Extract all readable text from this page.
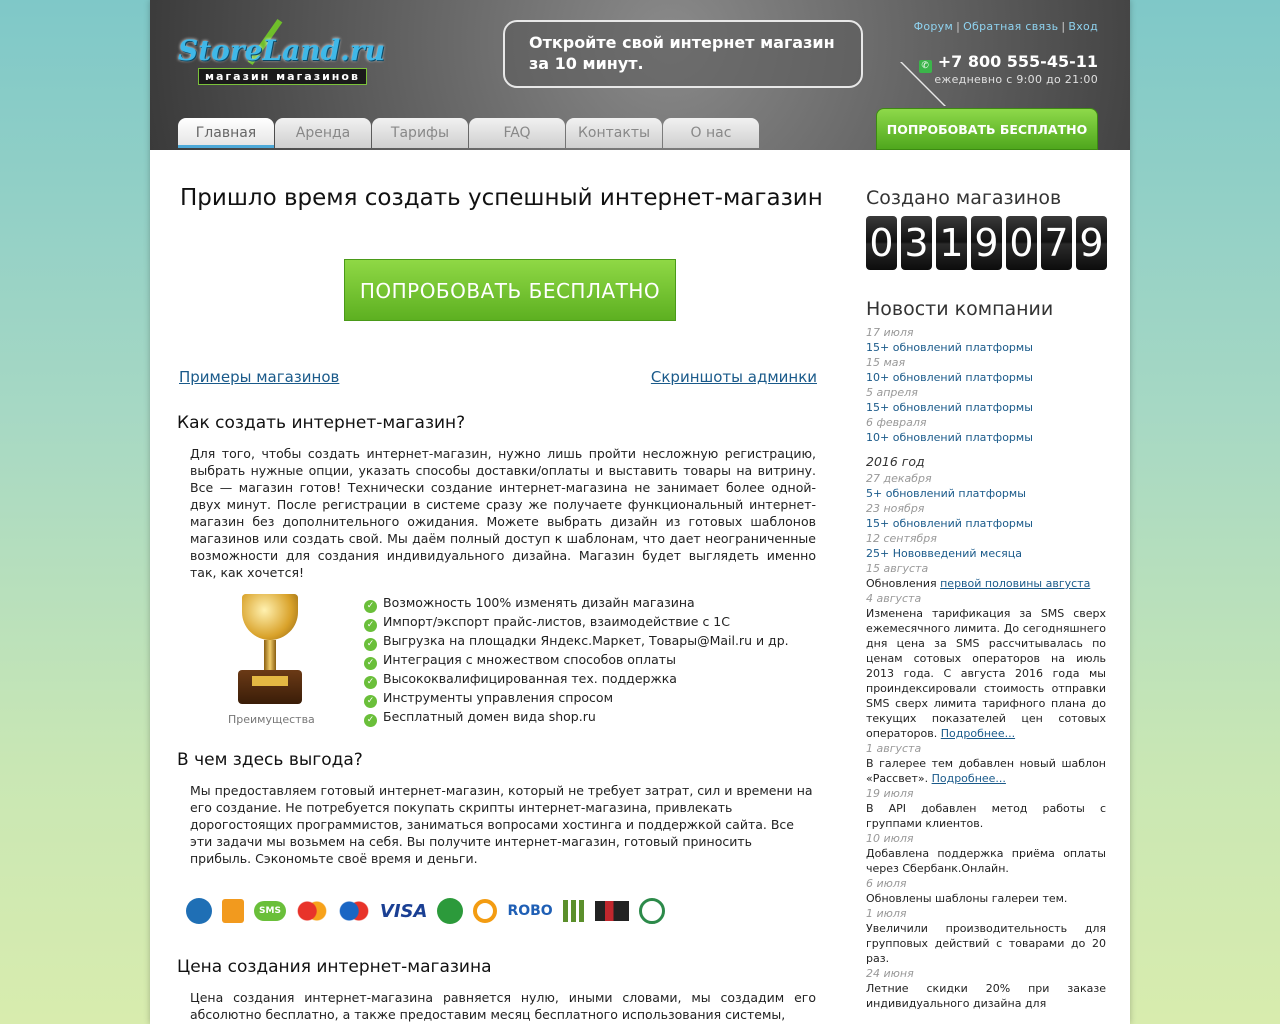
StoreLand.ru
магазин магазинов
Откройте свой интернет магазин
за 10 минут.
Форум | Обратная связь | Вход
✆ +7 800 555-45-11
ежедневно с 9:00 до 21:00
ПОПРОБОВАТЬ БЕСПЛАТНО
Главная	Аренда	Тарифы	FAQ	Контакты	О нас
Пришло время создать успешный интернет-магазин
ПОПРОБОВАТЬ БЕСПЛАТНО
Примеры магазинов	Скриншоты админки
Как создать интернет-магазин?
Для того, чтобы создать интернет-магазин, нужно лишь пройти несложную регистрацию, выбрать нужные опции, указать способы доставки/оплаты и выставить товары на витрину. Все — магазин готов! Технически создание интернет-магазина не занимает более одной-двух минут. После регистрации в системе сразу же получаете функциональный интернет-магазин без дополнительного ожидания. Можете выбрать дизайн из готовых шаблонов магазинов или создать свой. Мы даём полный доступ к шаблонам, что дает неограниченные возможности для создания индивидуального дизайна. Магазин будет выглядеть именно так, как хочется!
Преимущества
✓ Возможность 100% изменять дизайн магазина
✓ Импорт/экспорт прайс-листов, взаимодействие с 1С
✓ Выгрузка на площадки Яндекс.Маркет, Товары@Mail.ru и др.
✓ Интеграция с множеством способов оплаты
✓ Высококвалифицированная тех. поддержка
✓ Инструменты управления спросом
✓ Бесплатный домен вида shop.ru
В чем здесь выгода?
Мы предоставляем готовый интернет-магазин, который не требует затрат, сил и времени на его создание. Не потребуется покупать скрипты интернет-магазина, привлекать дорогостоящих программистов, заниматься вопросами хостинга и поддержкой сайта. Все эти задачи мы возьмем на себя. Вы получите интернет-магазин, готовый приносить прибыль. Сэкономьте своё время и деньги.
SMS	VISA	ROBO
Цена создания интернет-магазина
Цена создания интернет-магазина равняется нулю, иными словами, мы создадим его абсолютно бесплатно, а также предоставим месяц бесплатного использования системы,
Создано магазинов
0 3 1 9 0 7 9
Новости компании
17 июля
15+ обновлений платформы
15 мая
10+ обновлений платформы
5 апреля
15+ обновлений платформы
6 февраля
10+ обновлений платформы
2016 год
27 декабря
5+ обновлений платформы
23 ноября
15+ обновлений платформы
12 сентября
25+ Нововведений месяца
15 августа
Обновления первой половины августа
4 августа
Изменена тарификация за SMS сверх ежемесячного лимита. До сегодняшнего дня цена за SMS рассчитывалась по ценам сотовых операторов на июль 2013 года. С августа 2016 года мы проиндексировали стоимость отправки SMS сверх лимита тарифного плана до текущих показателей цен сотовых операторов. Подробнее...
1 августа
В галерее тем добавлен новый шаблон «Рассвет». Подробнее...
19 июля
В API добавлен метод работы с группами клиентов.
10 июля
Добавлена поддержка приёма оплаты через Сбербанк.Онлайн.
6 июля
Обновлены шаблоны галереи тем.
1 июля
Увеличили производительность для групповых действий с товарами до 20 раз.
24 июня
Летние скидки 20% при заказе индивидуального дизайна для
